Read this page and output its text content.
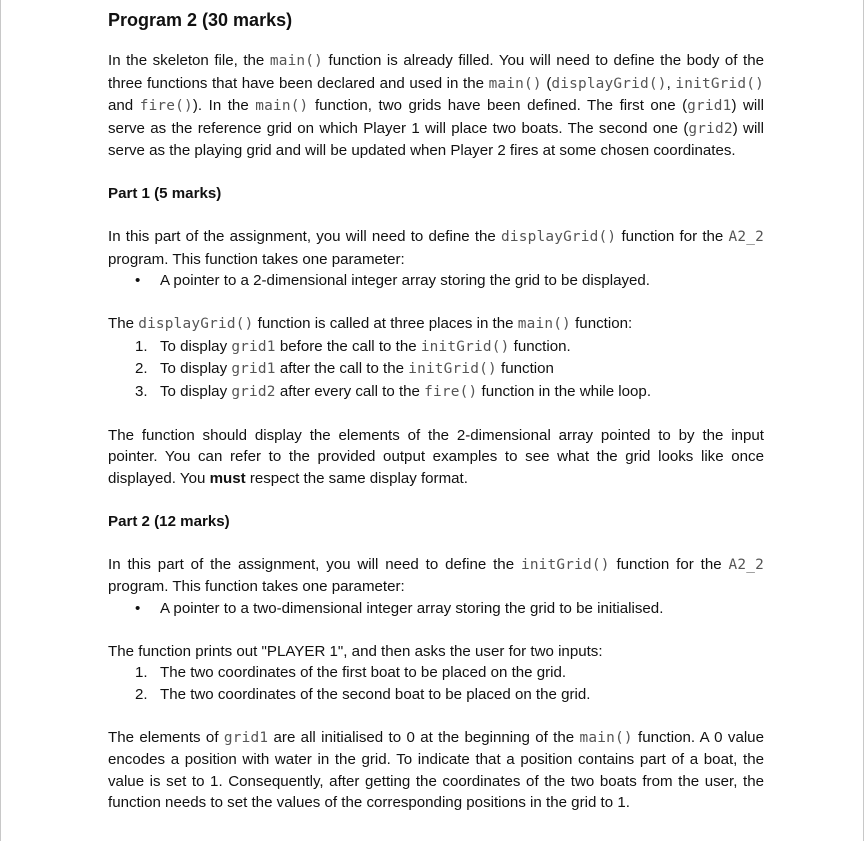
Program 2 (30 marks)

In the skeleton file, the main() function is already filled. You will need to define the body of the three functions that have been declared and used in the main() (displayGrid(), initGrid() and fire()). In the main() function, two grids have been defined. The first one (grid1) will serve as the reference grid on which Player 1 will place two boats. The second one (grid2) will serve as the playing grid and will be updated when Player 2 fires at some chosen coordinates.

Part 1 (5 marks)

In this part of the assignment, you will need to define the displayGrid() function for the A2_2 program. This function takes one parameter:

• A pointer to a 2-dimensional integer array storing the grid to be displayed.

The displayGrid() function is called at three places in the main() function:

1. To display grid1 before the call to the initGrid() function.
2. To display grid1 after the call to the initGrid() function
3. To display grid2 after every call to the fire() function in the while loop.

The function should display the elements of the 2-dimensional array pointed to by the input pointer. You can refer to the provided output examples to see what the grid looks like once displayed. You must respect the same display format.

Part 2 (12 marks)

In this part of the assignment, you will need to define the initGrid() function for the A2_2 program. This function takes one parameter:

• A pointer to a two-dimensional integer array storing the grid to be initialised.

The function prints out "PLAYER 1", and then asks the user for two inputs:

1. The two coordinates of the first boat to be placed on the grid.
2. The two coordinates of the second boat to be placed on the grid.

The elements of grid1 are all initialised to 0 at the beginning of the main() function. A 0 value encodes a position with water in the grid. To indicate that a position contains part of a boat, the value is set to 1. Consequently, after getting the coordinates of the two boats from the user, the function needs to set the values of the corresponding positions in the grid to 1.
